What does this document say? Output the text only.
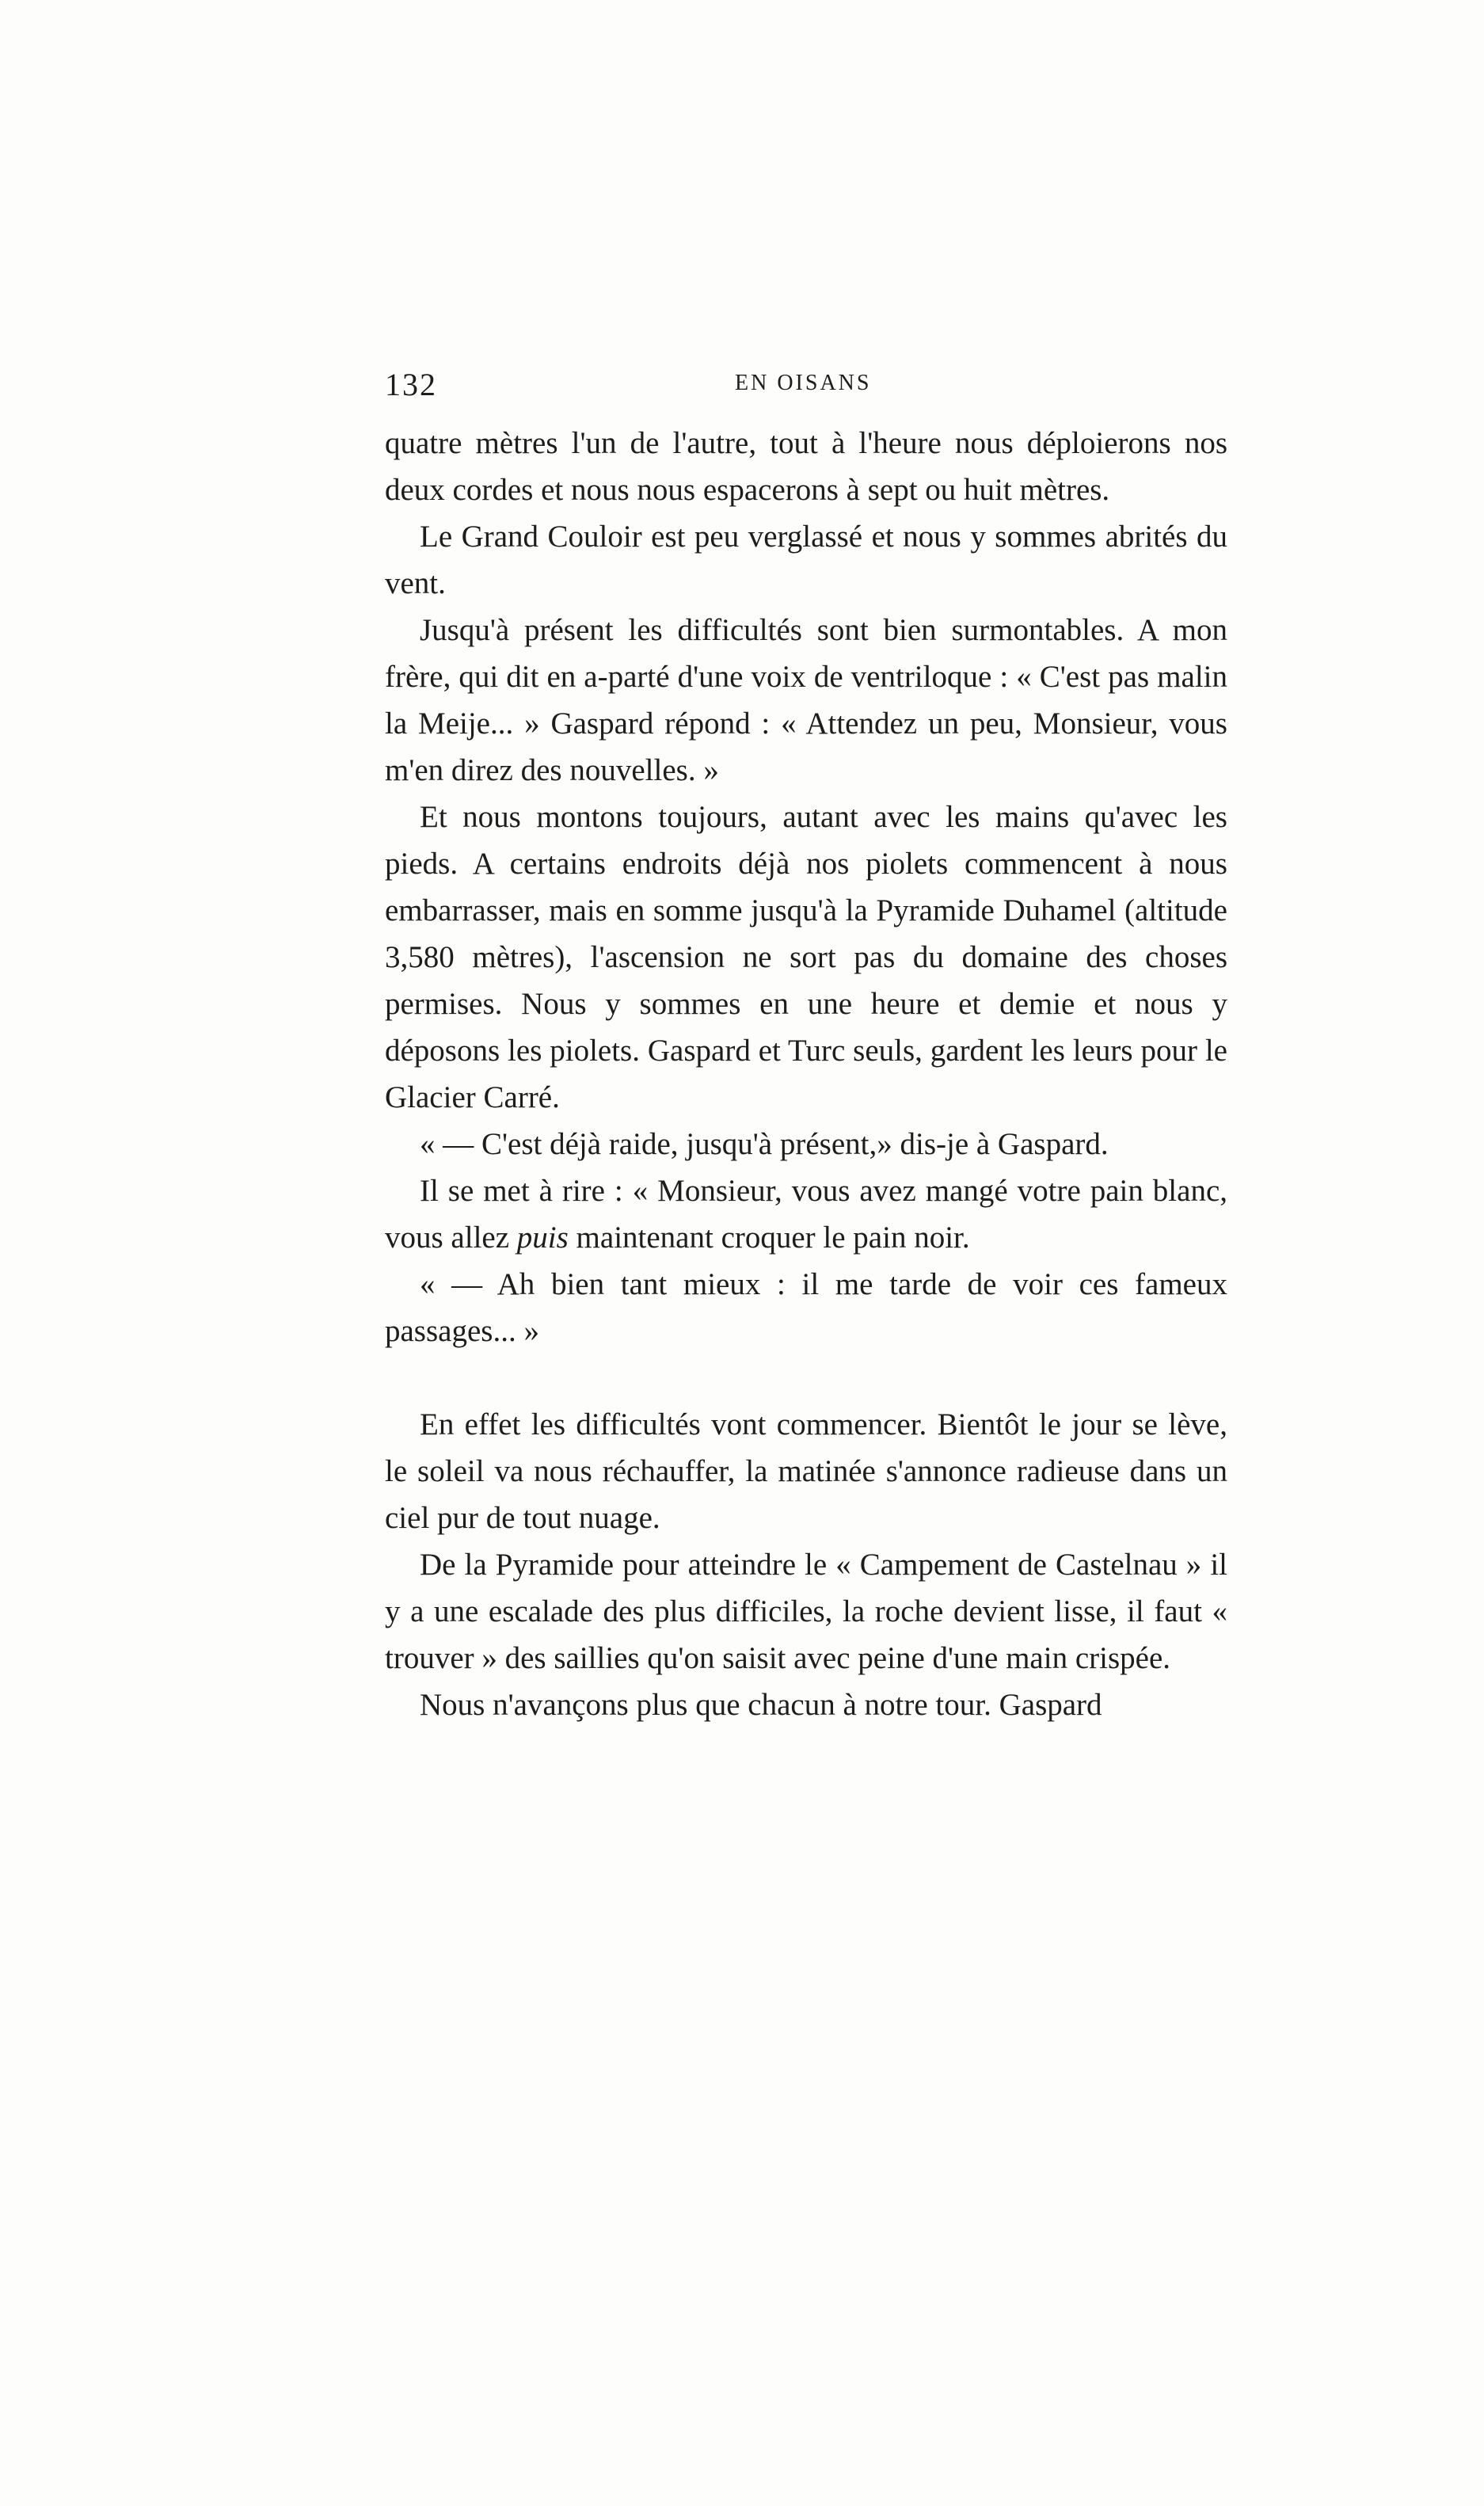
132	EN OISANS

quatre mètres l'un de l'autre, tout à l'heure nous déploierons nos deux cordes et nous nous espacerons à sept ou huit mètres.

Le Grand Couloir est peu verglassé et nous y sommes abrités du vent.

Jusqu'à présent les difficultés sont bien surmontables. A mon frère, qui dit en a-parté d'une voix de ventriloque : « C'est pas malin la Meije... » Gaspard répond : « Attendez un peu, Monsieur, vous m'en direz des nouvelles. »

Et nous montons toujours, autant avec les mains qu'avec les pieds. A certains endroits déjà nos piolets commencent à nous embarrasser, mais en somme jusqu'à la Pyramide Duhamel (altitude 3,580 mètres), l'ascension ne sort pas du domaine des choses permises. Nous y sommes en une heure et demie et nous y déposons les piolets. Gaspard et Turc seuls, gardent les leurs pour le Glacier Carré.

« — C'est déjà raide, jusqu'à présent,» dis-je à Gaspard.

Il se met à rire : « Monsieur, vous avez mangé votre pain blanc, vous allez puis maintenant croquer le pain noir.

« — Ah bien tant mieux : il me tarde de voir ces fameux passages... »

En effet les difficultés vont commencer. Bientôt le jour se lève, le soleil va nous réchauffer, la matinée s'annonce radieuse dans un ciel pur de tout nuage.

De la Pyramide pour atteindre le « Campement de Castelnau » il y a une escalade des plus difficiles, la roche devient lisse, il faut « trouver » des saillies qu'on saisit avec peine d'une main crispée.

Nous n'avançons plus que chacun à notre tour. Gaspard
